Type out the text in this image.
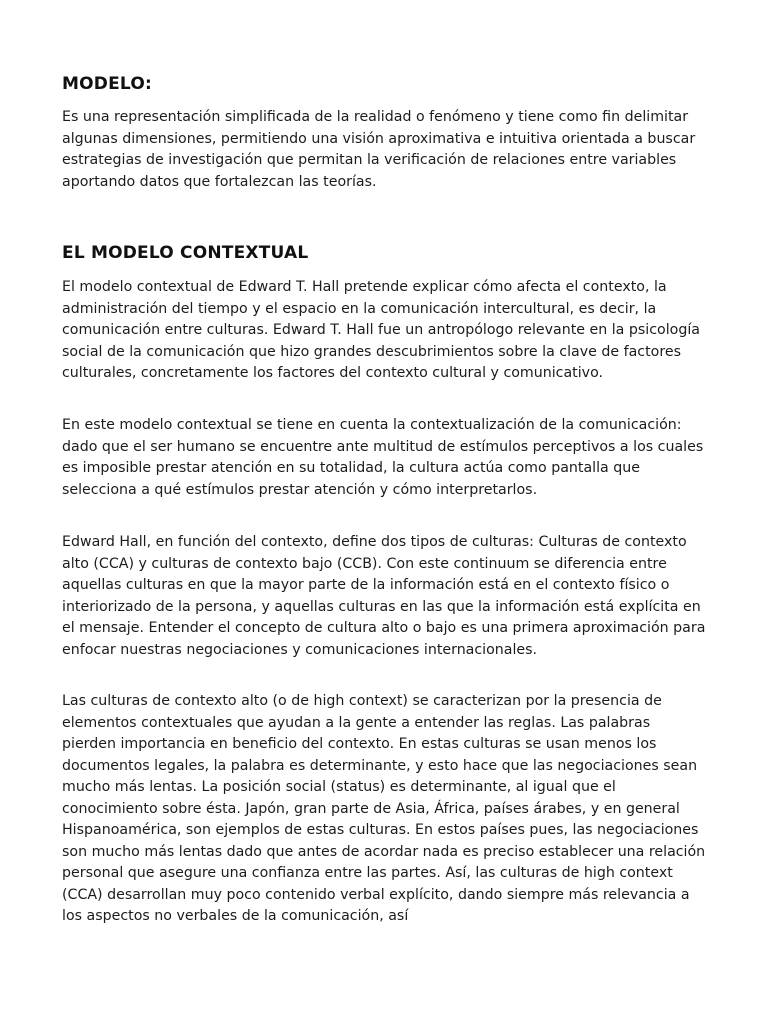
MODELO:

Es una representación simplificada de la realidad o fenómeno y tiene como fin delimitar algunas dimensiones, permitiendo una visión aproximativa e intuitiva orientada a buscar estrategias de investigación que permitan la verificación de relaciones entre variables aportando datos que fortalezcan las teorías.

EL MODELO CONTEXTUAL

El modelo contextual de Edward T. Hall pretende explicar cómo afecta el contexto, la administración del tiempo y el espacio en la comunicación intercultural, es decir, la comunicación entre culturas. Edward T. Hall fue un antropólogo relevante en la psicología social de la comunicación que hizo grandes descubrimientos sobre la clave de factores culturales, concretamente los factores del contexto cultural y comunicativo.

En este modelo contextual se tiene en cuenta la contextualización de la comunicación: dado que el ser humano se encuentre ante multitud de estímulos perceptivos a los cuales es imposible prestar atención en su totalidad, la cultura actúa como pantalla que selecciona a qué estímulos prestar atención y cómo interpretarlos.

Edward Hall, en función del contexto, define dos tipos de culturas: Culturas de contexto alto (CCA) y culturas de contexto bajo (CCB). Con este continuum se diferencia entre aquellas culturas en que la mayor parte de la información está en el contexto físico o interiorizado de la persona, y aquellas culturas en las que la información está explícita en el mensaje. Entender el concepto de cultura alto o bajo es una primera aproximación para enfocar nuestras negociaciones y comunicaciones internacionales.

Las culturas de contexto alto (o de high context) se caracterizan por la presencia de elementos contextuales que ayudan a la gente a entender las reglas. Las palabras pierden importancia en beneficio del contexto. En estas culturas se usan menos los documentos legales, la palabra es determinante, y esto hace que las negociaciones sean mucho más lentas. La posición social (status) es determinante, al igual que el conocimiento sobre ésta. Japón, gran parte de Asia, África, países árabes, y en general Hispanoamérica, son ejemplos de estas culturas. En estos países pues, las negociaciones son mucho más lentas dado que antes de acordar nada es preciso establecer una relación personal que asegure una confianza entre las partes. Así, las culturas de high context (CCA) desarrollan muy poco contenido verbal explícito, dando siempre más relevancia a los aspectos no verbales de la comunicación, así
